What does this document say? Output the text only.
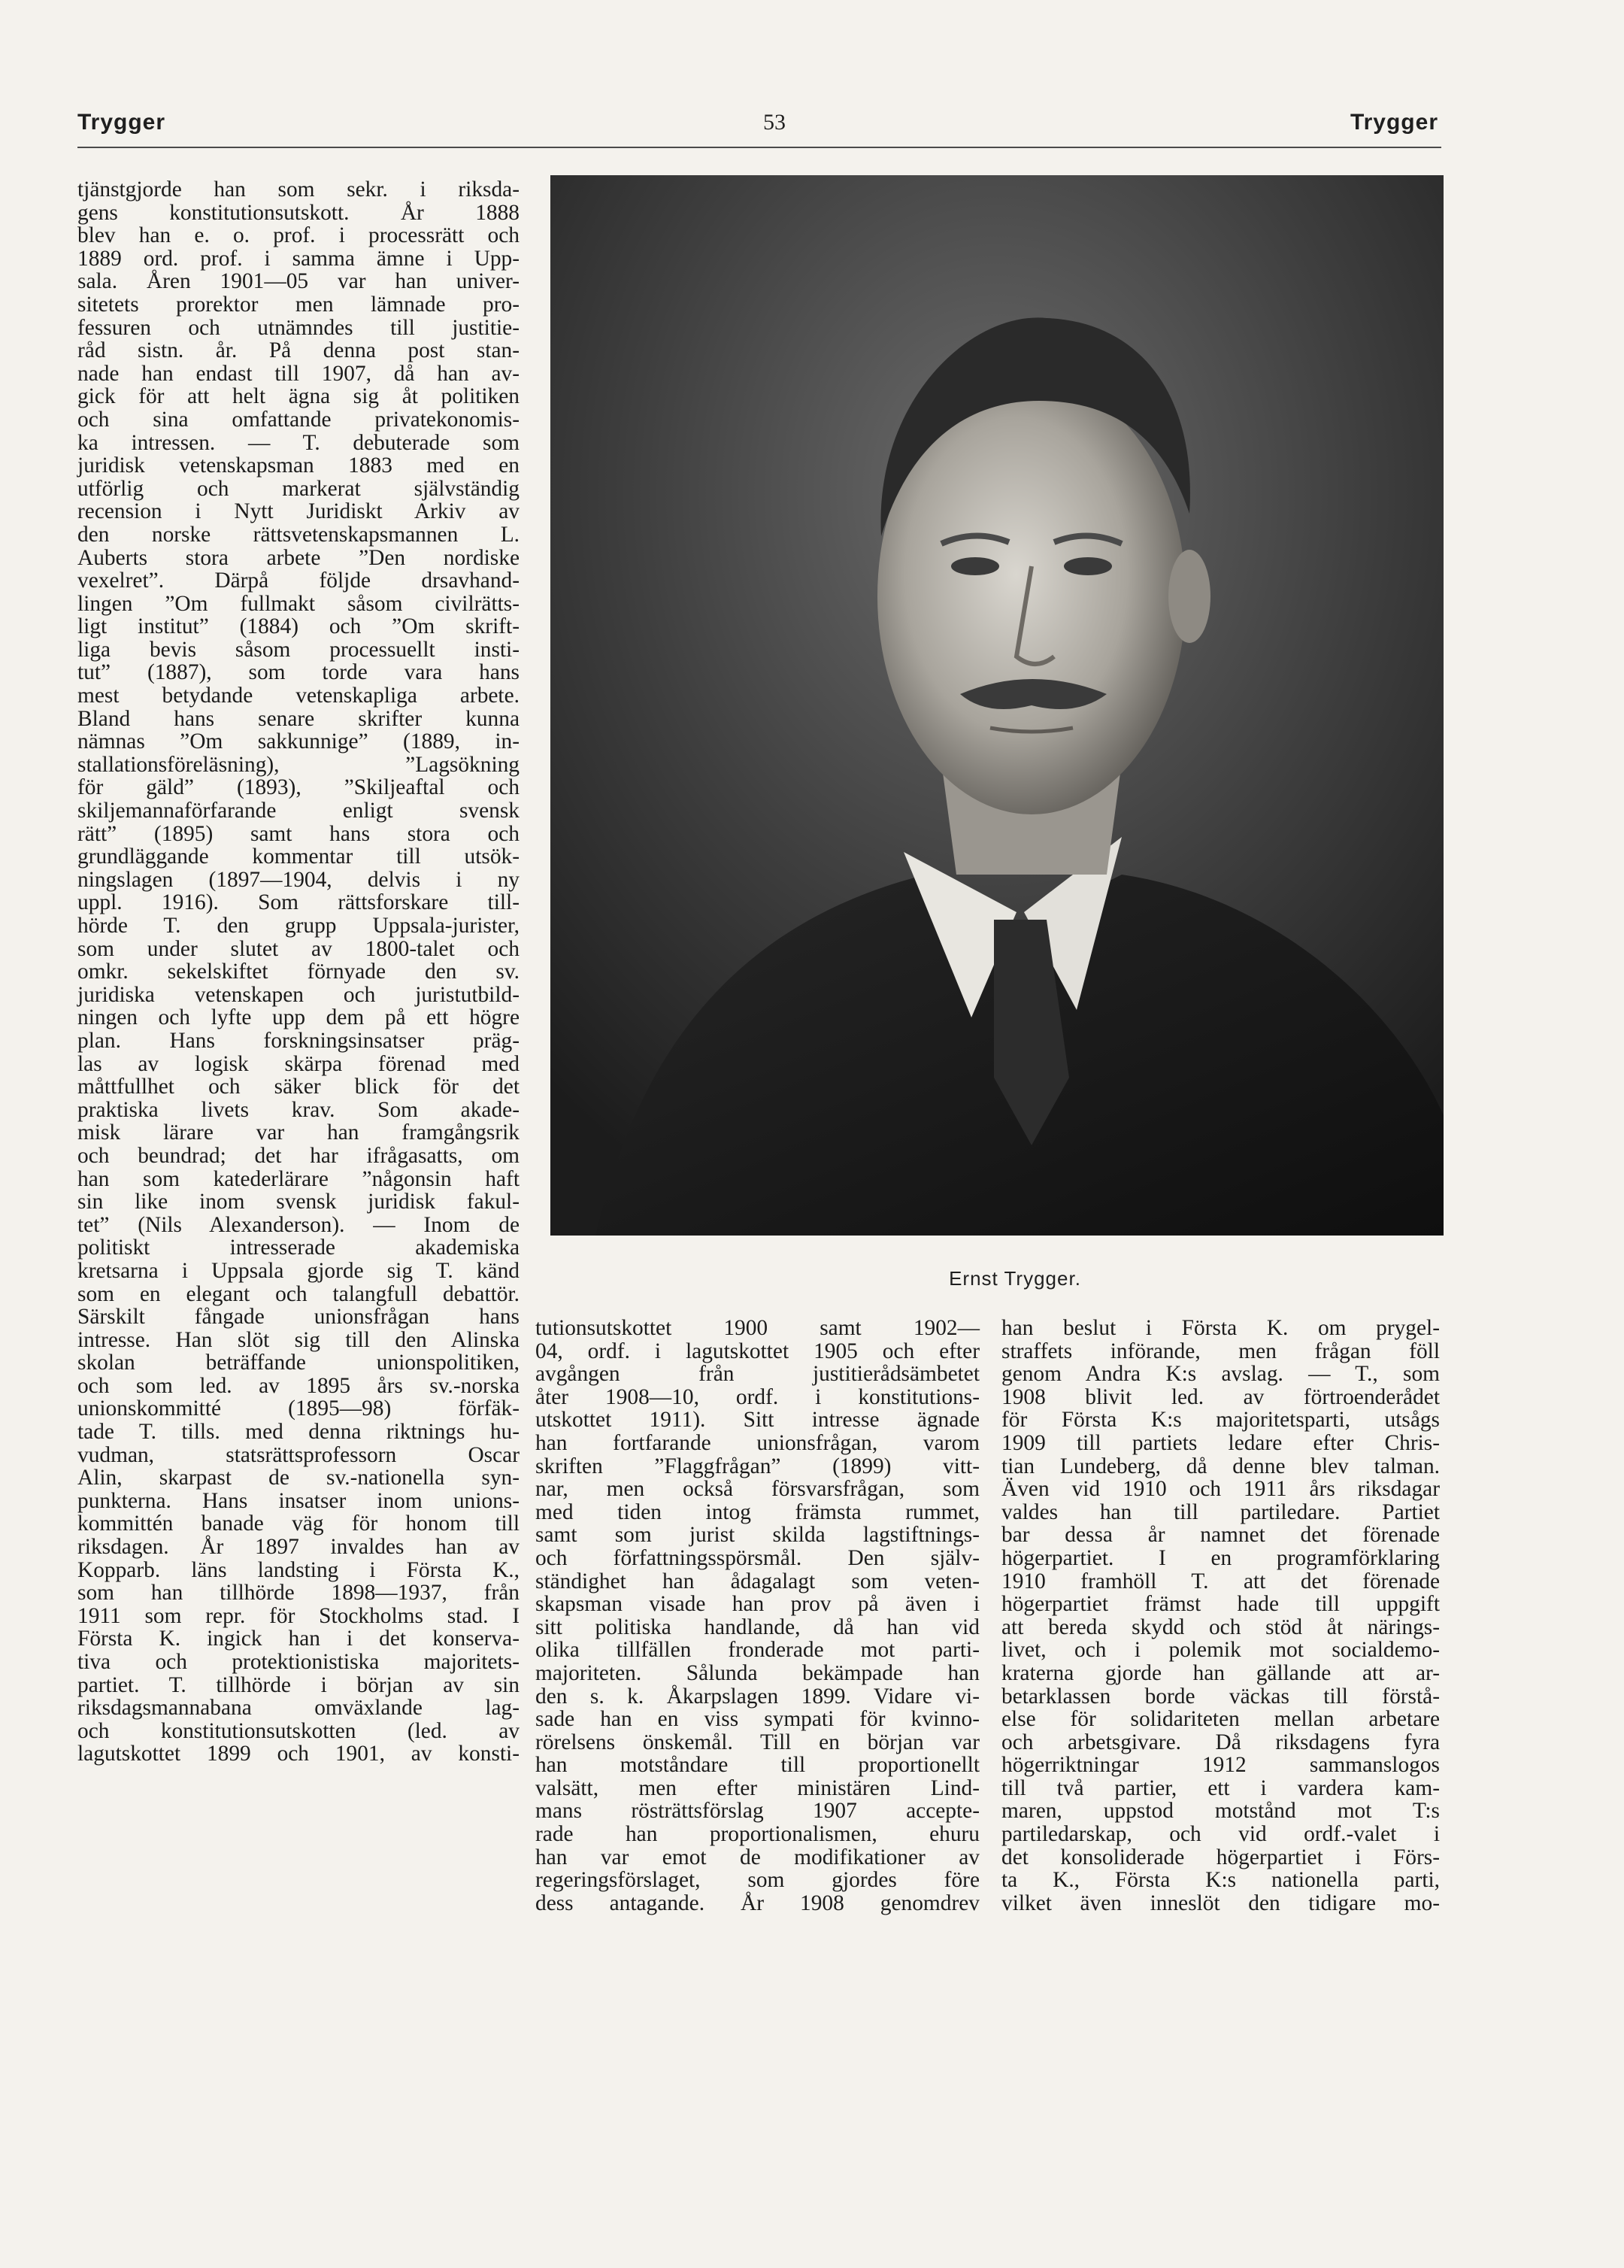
Trygger	53	Trygger

tjänstgjorde han som sekr. i riksda-

gens konstitutionsutskott. År 1888

blev han e. o. prof. i processrätt och

1889 ord. prof. i samma ämne i Upp-

sala. Åren 1901—05 var han univer-

sitetets prorektor men lämnade pro-

fessuren och utnämndes till justitie-

råd sistn. år. På denna post stan-

nade han endast till 1907, då han av-

gick för att helt ägna sig åt politiken

och sina omfattande privatekonomis-

ka intressen. — T. debuterade som

juridisk vetenskapsman 1883 med en

utförlig och markerat självständig

recension i Nytt Juridiskt Arkiv av

den norske rättsvetenskapsmannen L.

Auberts stora arbete ”Den nordiske

vexelret”. Därpå följde drsavhand-

lingen ”Om fullmakt såsom civilrätts-

ligt institut” (1884) och ”Om skrift-

liga bevis såsom processuellt insti-

tut” (1887), som torde vara hans

mest betydande vetenskapliga arbete.

Bland hans senare skrifter kunna

nämnas ”Om sakkunnige” (1889, in-

stallationsföreläsning), ”Lagsökning

för gäld” (1893), ”Skiljeaftal och

skiljemannaförfarande enligt svensk

rätt” (1895) samt hans stora och

grundläggande kommentar till utsök-

ningslagen (1897—1904, delvis i ny

uppl. 1916). Som rättsforskare till-

hörde T. den grupp Uppsala-jurister,

som under slutet av 1800-talet och

omkr. sekelskiftet förnyade den sv.

juridiska vetenskapen och juristutbild-

ningen och lyfte upp dem på ett högre

plan. Hans forskningsinsatser präg-

las av logisk skärpa förenad med

måttfullhet och säker blick för det

praktiska livets krav. Som akade-

misk lärare var han framgångsrik

och beundrad; det har ifrågasatts, om

han som katederlärare ”någonsin haft

sin like inom svensk juridisk fakul-

tet” (Nils Alexanderson). — Inom de

politiskt intresserade akademiska

kretsarna i Uppsala gjorde sig T. känd

som en elegant och talangfull debattör.

Särskilt fångade unionsfrågan hans

intresse. Han slöt sig till den Alinska

skolan beträffande unionspolitiken,

och som led. av 1895 års sv.-norska

unionskommitté (1895—98) förfäk-

tade T. tills. med denna riktnings hu-

vudman, statsrättsprofessorn Oscar

Alin, skarpast de sv.-nationella syn-

punkterna. Hans insatser inom unions-

kommittén banade väg för honom till

riksdagen. År 1897 invaldes han av

Kopparb. läns landsting i Första K.,

som han tillhörde 1898—1937, från

1911 som repr. för Stockholms stad. I

Första K. ingick han i det konserva-

tiva och protektionistiska majoritets-

partiet. T. tillhörde i början av sin

riksdagsmannabana omväxlande lag-

och konstitutionsutskotten (led. av

lagutskottet 1899 och 1901, av konsti-

Ernst Trygger.

tutionsutskottet 1900 samt 1902—

04, ordf. i lagutskottet 1905 och efter

avgången från justitierådsämbetet

åter 1908—10, ordf. i konstitutions-

utskottet 1911). Sitt intresse ägnade

han fortfarande unionsfrågan, varom

skriften ”Flaggfrågan” (1899) vitt-

nar, men också försvarsfrågan, som

med tiden intog främsta rummet,

samt som jurist skilda lagstiftnings-

och författningsspörsmål. Den själv-

ständighet han ådagalagt som veten-

skapsman visade han prov på även i

sitt politiska handlande, då han vid

olika tillfällen fronderade mot parti-

majoriteten. Sålunda bekämpade han

den s. k. Åkarpslagen 1899. Vidare vi-

sade han en viss sympati för kvinno-

rörelsens önskemål. Till en början var

han motståndare till proportionellt

valsätt, men efter ministären Lind-

mans rösträttsförslag 1907 accepte-

rade han proportionalismen, ehuru

han var emot de modifikationer av

regeringsförslaget, som gjordes före

dess antagande. År 1908 genomdrev

han beslut i Första K. om prygel-

straffets införande, men frågan föll

genom Andra K:s avslag. — T., som

1908 blivit led. av förtroenderådet

för Första K:s majoritetsparti, utsågs

1909 till partiets ledare efter Chris-

tian Lundeberg, då denne blev talman.

Även vid 1910 och 1911 års riksdagar

valdes han till partiledare. Partiet

bar dessa år namnet det förenade

högerpartiet. I en programförklaring

1910 framhöll T. att det förenade

högerpartiet främst hade till uppgift

att bereda skydd och stöd åt närings-

livet, och i polemik mot socialdemo-

kraterna gjorde han gällande att ar-

betarklassen borde väckas till förstå-

else för solidariteten mellan arbetare

och arbetsgivare. Då riksdagens fyra

högerriktningar 1912 sammanslogos

till två partier, ett i vardera kam-

maren, uppstod motstånd mot T:s

partiledarskap, och vid ordf.-valet i

det konsoliderade högerpartiet i Förs-

ta K., Första K:s nationella parti,

vilket även inneslöt den tidigare mo-
